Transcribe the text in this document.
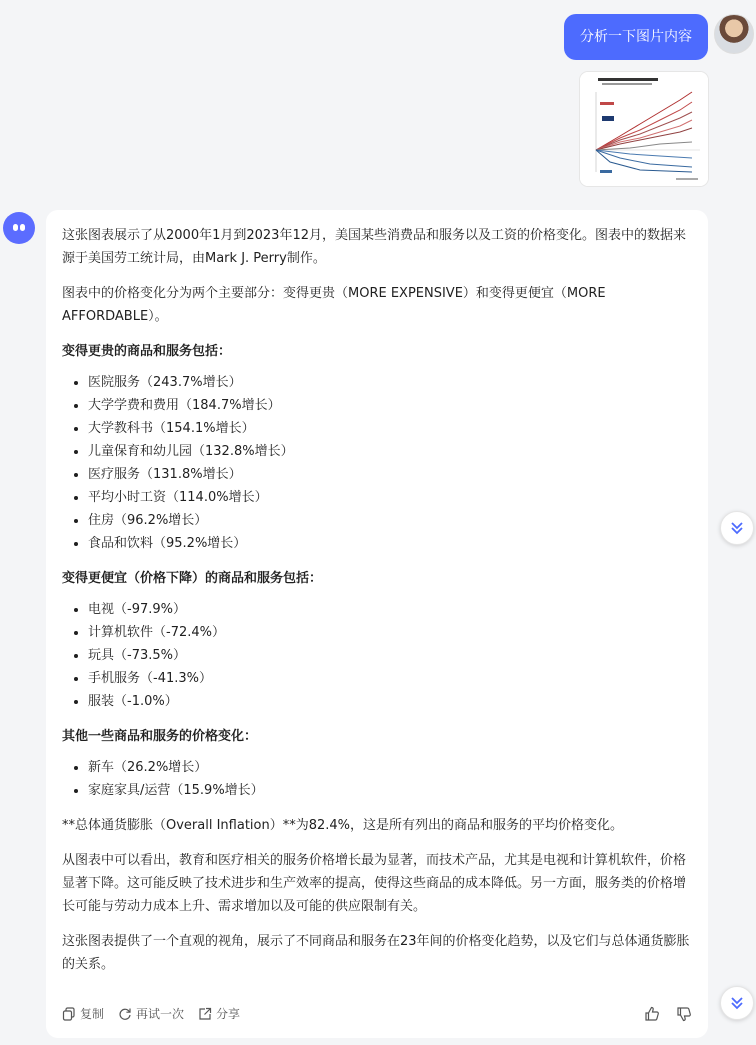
分析一下图片内容

这张图表展示了从2000年1月到2023年12月，美国某些消费品和服务以及工资的价格变化。图表中的数据来源于美国劳工统计局，由Mark J. Perry制作。

图表中的价格变化分为两个主要部分：变得更贵（MORE EXPENSIVE）和变得更便宜（MORE AFFORDABLE）。

变得更贵的商品和服务包括：
• 医院服务（243.7%增长）
• 大学学费和费用（184.7%增长）
• 大学教科书（154.1%增长）
• 儿童保育和幼儿园（132.8%增长）
• 医疗服务（131.8%增长）
• 平均小时工资（114.0%增长）
• 住房（96.2%增长）
• 食品和饮料（95.2%增长）
变得更便宜（价格下降）的商品和服务包括：
• 电视（-97.9%）
• 计算机软件（-72.4%）
• 玩具（-73.5%）
• 手机服务（-41.3%）
• 服装（-1.0%）
其他一些商品和服务的价格变化：
• 新车（26.2%增长）
• 家庭家具/运营（15.9%增长）

**总体通货膨胀（Overall Inflation）**为82.4%，这是所有列出的商品和服务的平均价格变化。

从图表中可以看出，教育和医疗相关的服务价格增长最为显著，而技术产品，尤其是电视和计算机软件，价格显著下降。这可能反映了技术进步和生产效率的提高，使得这些商品的成本降低。另一方面，服务类的价格增长可能与劳动力成本上升、需求增加以及可能的供应限制有关。

这张图表提供了一个直观的视角，展示了不同商品和服务在23年间的价格变化趋势，以及它们与总体通货膨胀的关系。

复制	再试一次	分享
